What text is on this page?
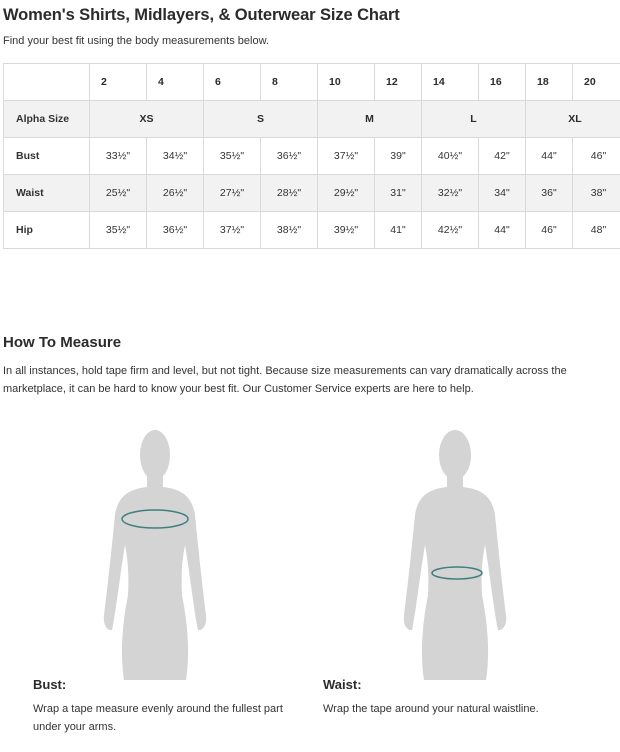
Women's Shirts, Midlayers, & Outerwear Size Chart

Find your best fit using the body measurements below.

	2	4	6	8	10	12	14	16	18	20
Alpha Size	XS		S		M		L		XL	
Bust	33½"	34½"	35½"	36½"	37½"	39"	40½"	42"	44"	46"
Waist	25½"	26½"	27½"	28½"	29½"	31"	32½"	34"	36"	38"
Hip	35½"	36½"	37½"	38½"	39½"	41"	42½"	44"	46"	48"
How To Measure

In all instances, hold tape firm and level, but not tight. Because size measurements can vary dramatically across the marketplace, it can be hard to know your best fit. Our Customer Service experts are here to help.

Bust:

Wrap a tape measure evenly around the fullest part under your arms.

Waist:

Wrap the tape around your natural waistline.
